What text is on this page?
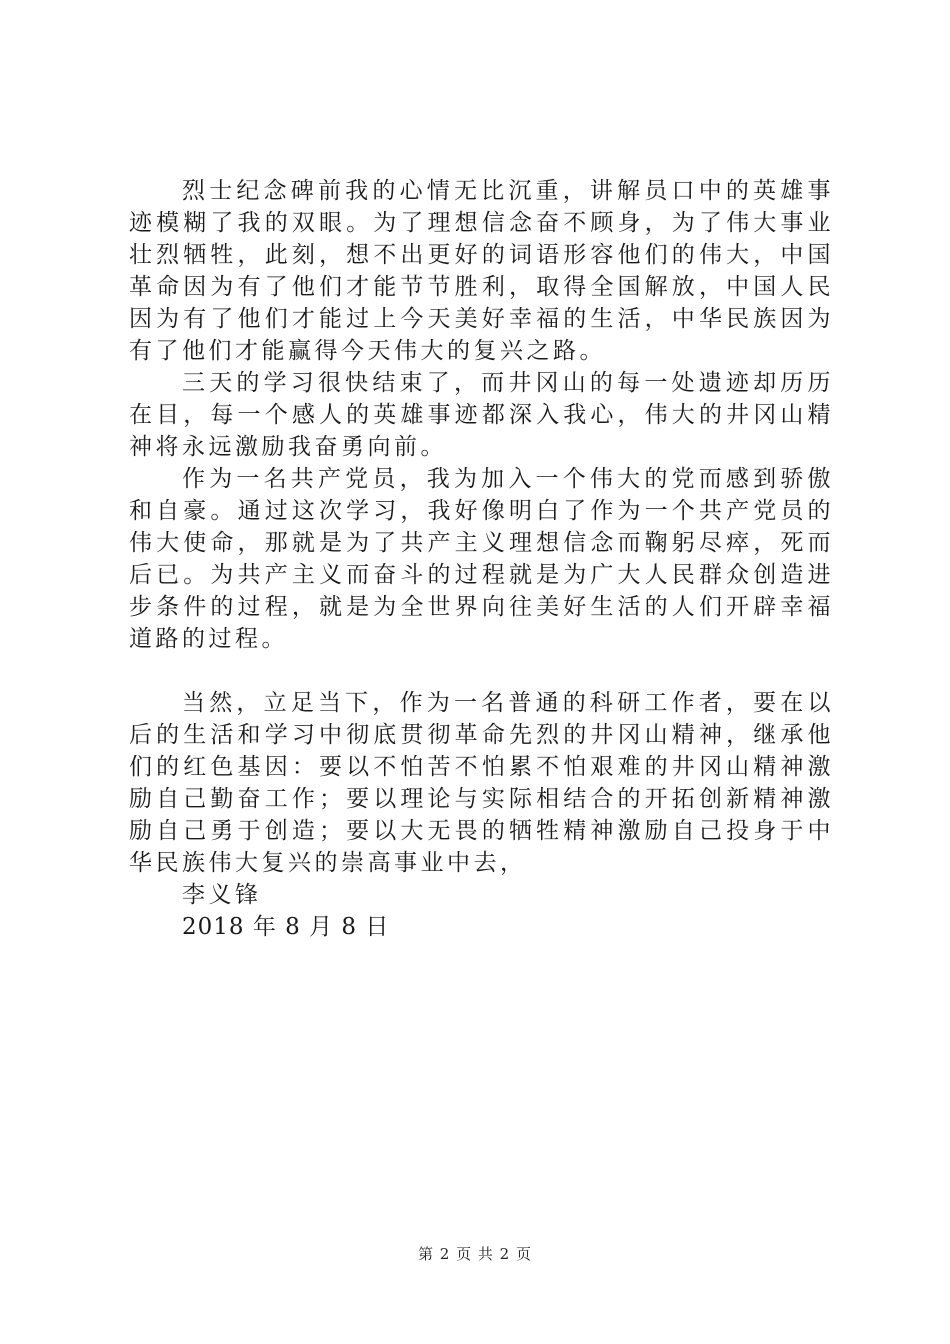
烈士纪念碑前我的心情无比沉重，讲解员口中的英雄事迹模糊了我的双眼。为了理想信念奋不顾身，为了伟大事业壮烈牺牲，此刻，想不出更好的词语形容他们的伟大，中国革命因为有了他们才能节节胜利，取得全国解放，中国人民因为有了他们才能过上今天美好幸福的生活，中华民族因为有了他们才能赢得今天伟大的复兴之路。

三天的学习很快结束了，而井冈山的每一处遗迹却历历在目，每一个感人的英雄事迹都深入我心，伟大的井冈山精神将永远激励我奋勇向前。

作为一名共产党员，我为加入一个伟大的党而感到骄傲和自豪。通过这次学习，我好像明白了作为一个共产党员的伟大使命，那就是为了共产主义理想信念而鞠躬尽瘁，死而后已。为共产主义而奋斗的过程就是为广大人民群众创造进步条件的过程，就是为全世界向往美好生活的人们开辟幸福道路的过程。

当然，立足当下，作为一名普通的科研工作者，要在以后的生活和学习中彻底贯彻革命先烈的井冈山精神，继承他们的红色基因：要以不怕苦不怕累不怕艰难的井冈山精神激励自己勤奋工作；要以理论与实际相结合的开拓创新精神激励自己勇于创造；要以大无畏的牺牲精神激励自己投身于中华民族伟大复兴的崇高事业中去，

李义锋

2018 年 8 月 8 日

第 2 页 共 2 页
